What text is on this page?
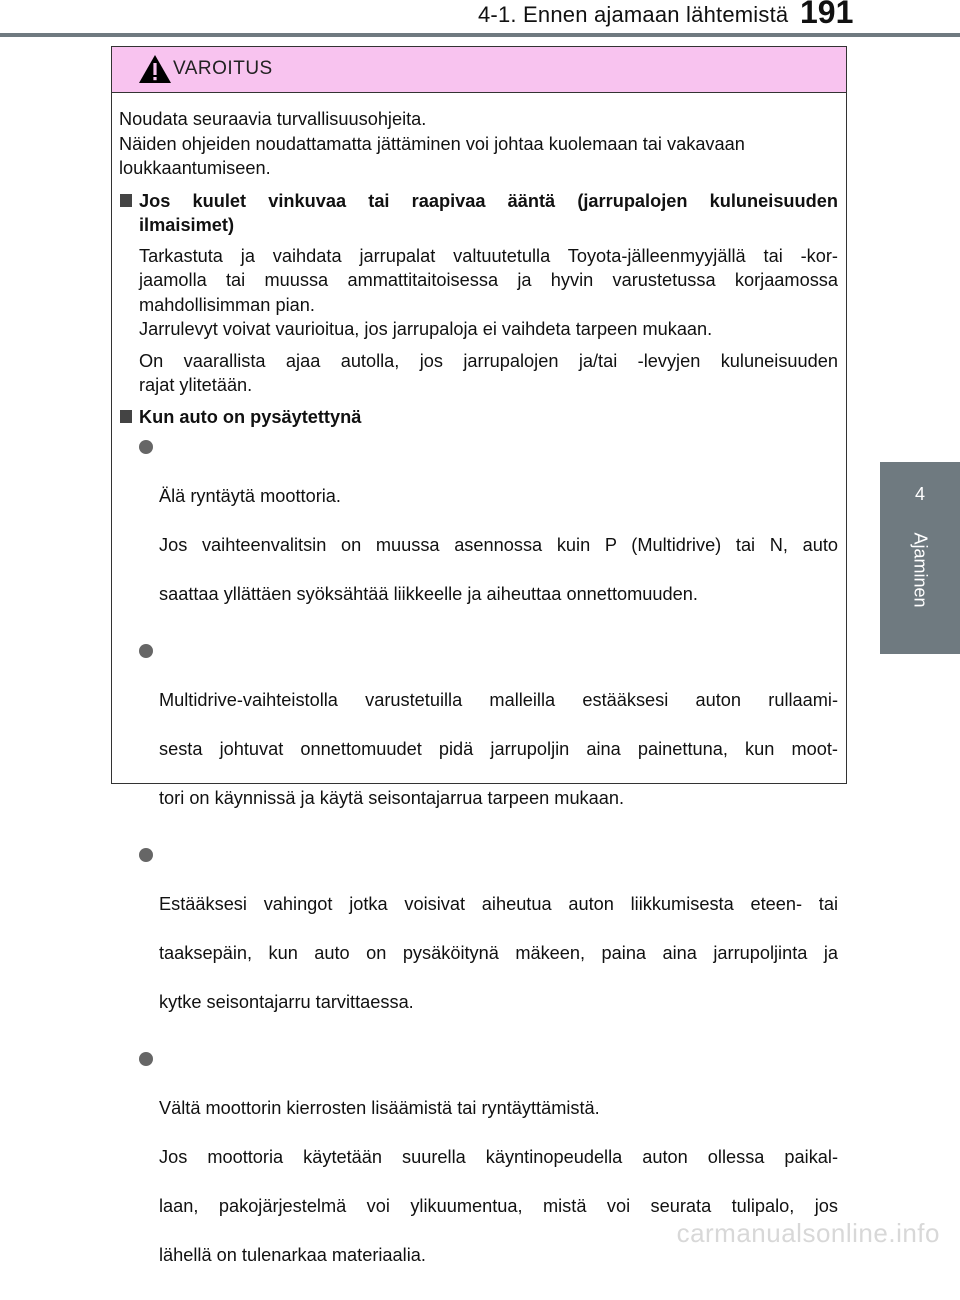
4-1. Ennen ajamaan lähtemistä 191
4
Ajaminen
VAROITUS
Noudata seuraavia turvallisuusohjeita.
Näiden ohjeiden noudattamatta jättäminen voi johtaa kuolemaan tai vakavaan
loukkaantumiseen.
Jos kuulet vinkuvaa tai raapivaa ääntä (jarrupalojen kuluneisuuden
ilmaisimet)
Tarkastuta ja vaihdata jarrupalat valtuutetulla Toyota-jälleenmyyjällä tai -kor-
jaamolla tai muussa ammattitaitoisessa ja hyvin varustetussa korjaamossa
mahdollisimman pian.
Jarrulevyt voivat vaurioitua, jos jarrupaloja ei vaihdeta tarpeen mukaan.
On vaarallista ajaa autolla, jos jarrupalojen ja/tai -levyjen kuluneisuuden
rajat ylitetään.
Kun auto on pysäytettynä

Älä ryntäytä moottoria.

Jos vaihteenvalitsin on muussa asennossa kuin P (Multidrive) tai N, auto

saattaa yllättäen syöksähtää liikkeelle ja aiheuttaa onnettomuuden.

Multidrive-vaihteistolla varustetuilla malleilla estääksesi auton rullaami-

sesta johtuvat onnettomuudet pidä jarrupoljin aina painettuna, kun moot-

tori on käynnissä ja käytä seisontajarrua tarpeen mukaan.

Estääksesi vahingot jotka voisivat aiheutua auton liikkumisesta eteen- tai

taaksepäin, kun auto on pysäköitynä mäkeen, paina aina jarrupoljinta ja

kytke seisontajarru tarvittaessa.

Vältä moottorin kierrosten lisäämistä tai ryntäyttämistä.

Jos moottoria käytetään suurella käyntinopeudella auton ollessa paikal-

laan, pakojärjestelmä voi ylikuumentua, mistä voi seurata tulipalo, jos

lähellä on tulenarkaa materiaalia.

carmanualsonline.info
